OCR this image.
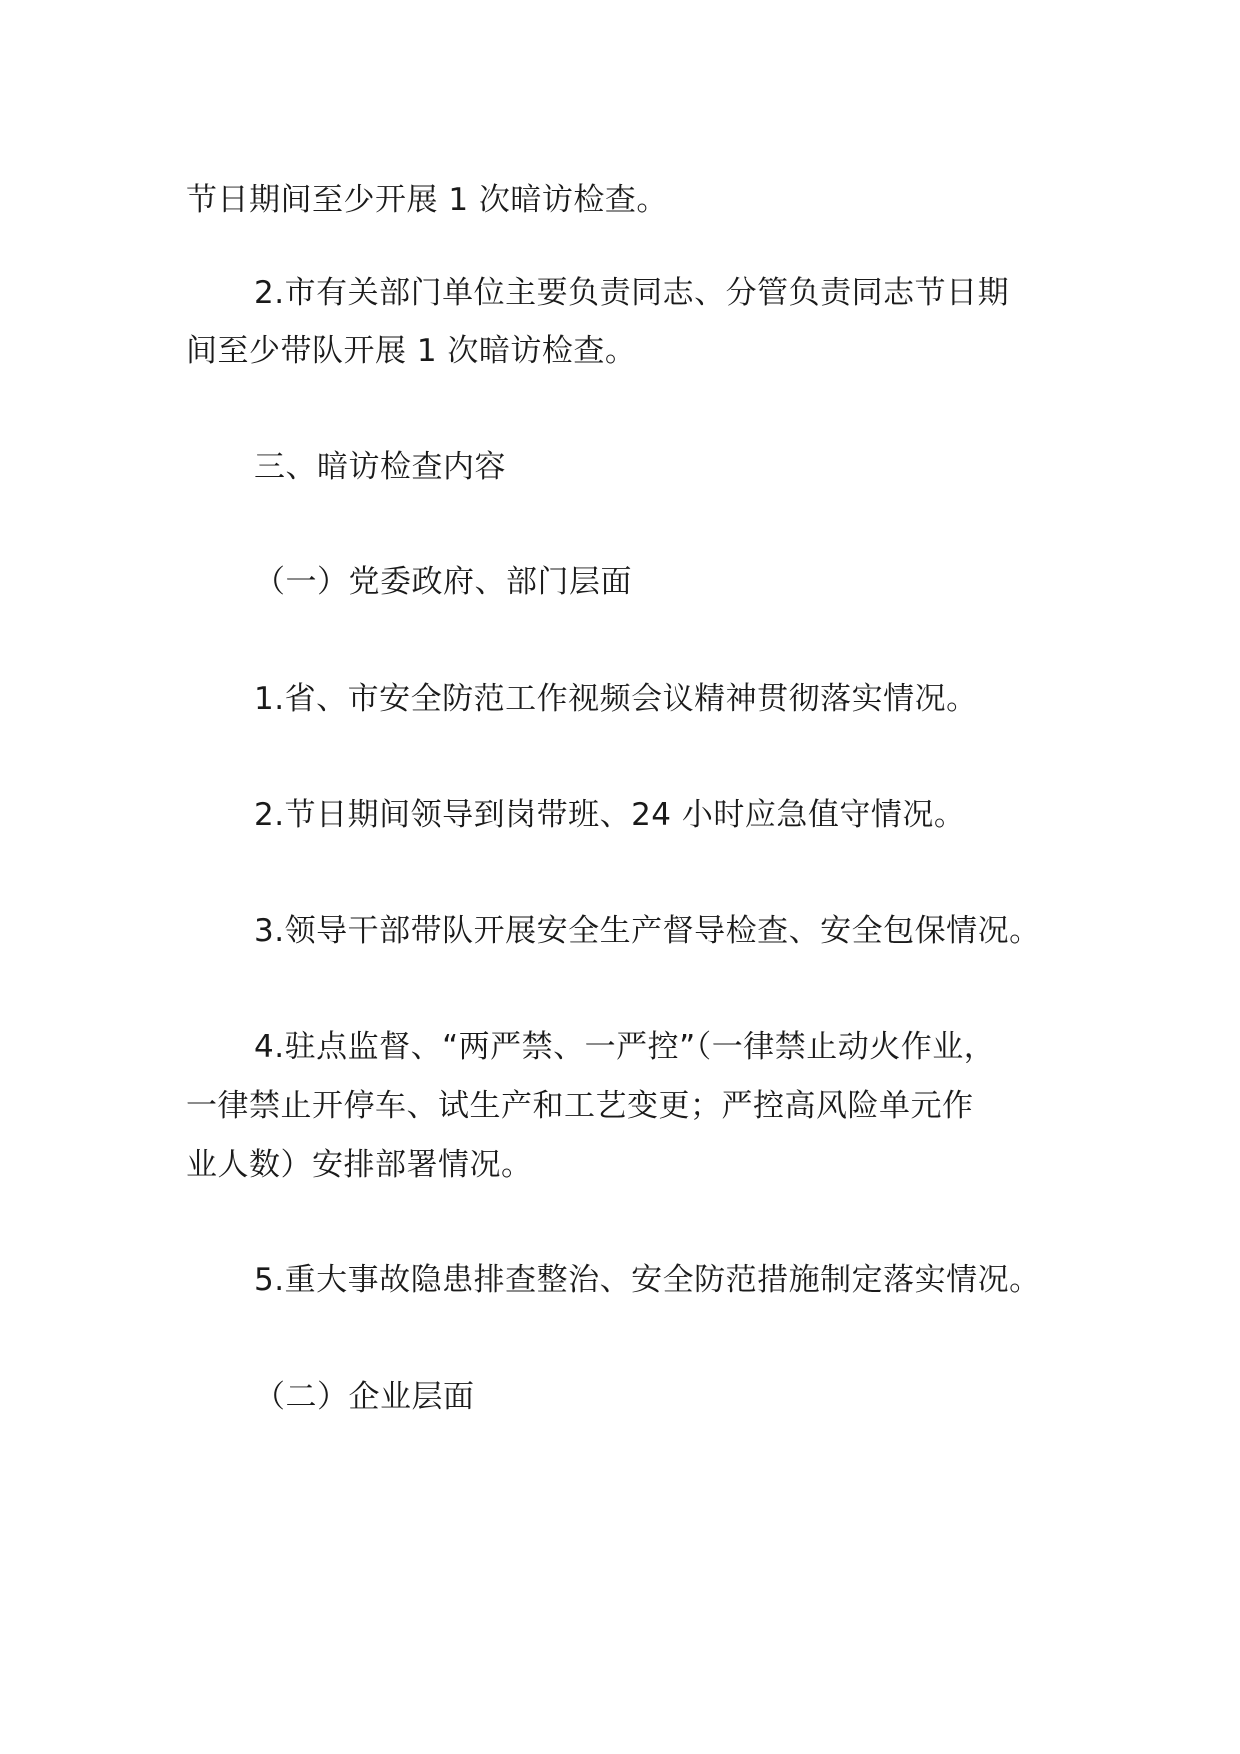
节日期间至少开展 1 次暗访检查。

2.市有关部门单位主要负责同志、分管负责同志节日期

间至少带队开展 1 次暗访检查。

三、暗访检查内容

（一）党委政府、部门层面

1.省、市安全防范工作视频会议精神贯彻落实情况。

2.节日期间领导到岗带班、24 小时应急值守情况。

3.领导干部带队开展安全生产督导检查、安全包保情况。

4.驻点监督、“两严禁、一严控”（一律禁止动火作业，

一律禁止开停车、试生产和工艺变更；严控高风险单元作

业人数）安排部署情况。

5.重大事故隐患排查整治、安全防范措施制定落实情况。

（二）企业层面
